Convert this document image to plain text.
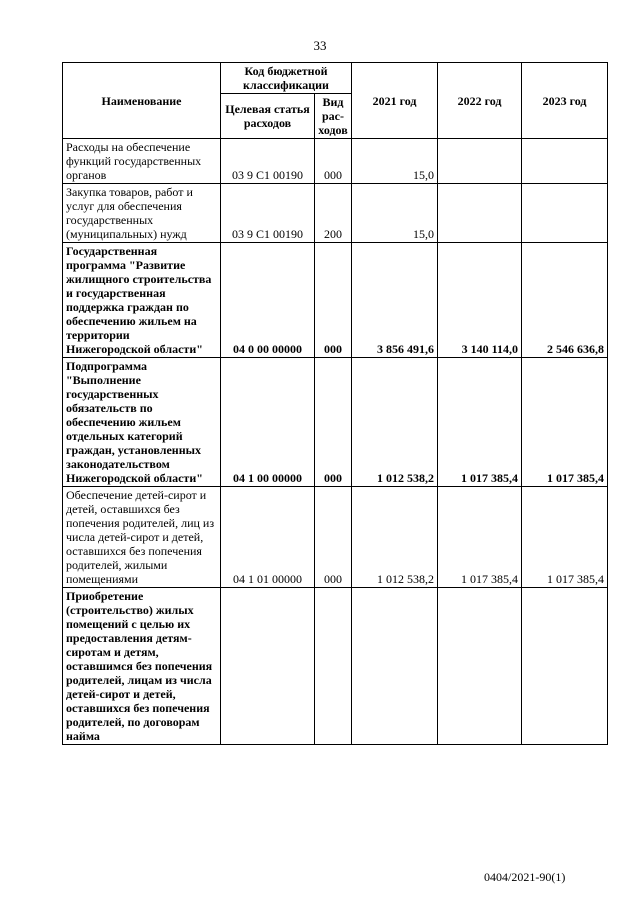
33
Наименование	Код бюджетной классификации		2021 год	2022 год	2023 год
	Целевая статья расходов	Вид рас-ходов			
Расходы на обеспечение функций государственных органов	03 9 С1 00190	000	15,0		
Закупка товаров, работ и услуг для обеспечения государственных (муниципальных) нужд	03 9 С1 00190	200	15,0		
Государственная программа "Развитие жилищного строительства и государственная поддержка граждан по обеспечению жильем на территории Нижегородской области"	04 0 00 00000	000	3 856 491,6	3 140 114,0	2 546 636,8
Подпрограмма "Выполнение государственных обязательств по обеспечению жильем отдельных категорий граждан, установленных законодательством Нижегородской области"	04 1 00 00000	000	1 012 538,2	1 017 385,4	1 017 385,4
Обеспечение детей-сирот и детей, оставшихся без попечения родителей, лиц из числа детей-сирот и детей, оставшихся без попечения родителей, жилыми помещениями	04 1 01 00000	000	1 012 538,2	1 017 385,4	1 017 385,4
Приобретение (строительство) жилых помещений с целью их предоставления детям-сиротам и детям, оставшимся без попечения родителей, лицам из числа детей-сирот и детей, оставшихся без попечения родителей, по договорам найма					
0404/2021-90(1)
